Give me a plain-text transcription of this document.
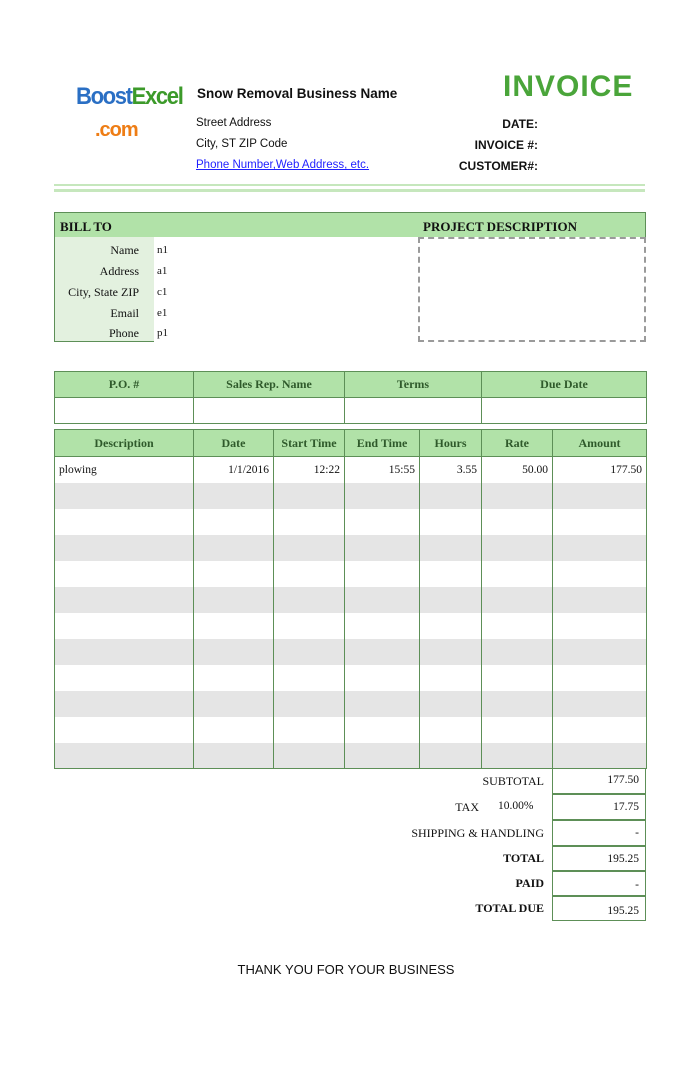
BoostExcel
.com
Snow Removal Business Name
Street Address
City, ST ZIP Code
Phone Number,Web Address, etc.
INVOICE
DATE:
INVOICE #:
CUSTOMER#:
BILL TO
Name n1
Address a1
City, State ZIP c1
Email e1
Phone p1
PROJECT DESCRIPTION
P.O. #	Sales Rep. Name	Terms	Due Date

Description	Date	Start Time	End Time	Hours	Rate	Amount
plowing	1/1/2016	12:22	15:55	3.55	50.00	177.50

SUBTOTAL	177.50
TAX 10.00%	17.75
SHIPPING & HANDLING	-
TOTAL	195.25
PAID	-
TOTAL DUE	195.25
THANK YOU FOR YOUR BUSINESS
